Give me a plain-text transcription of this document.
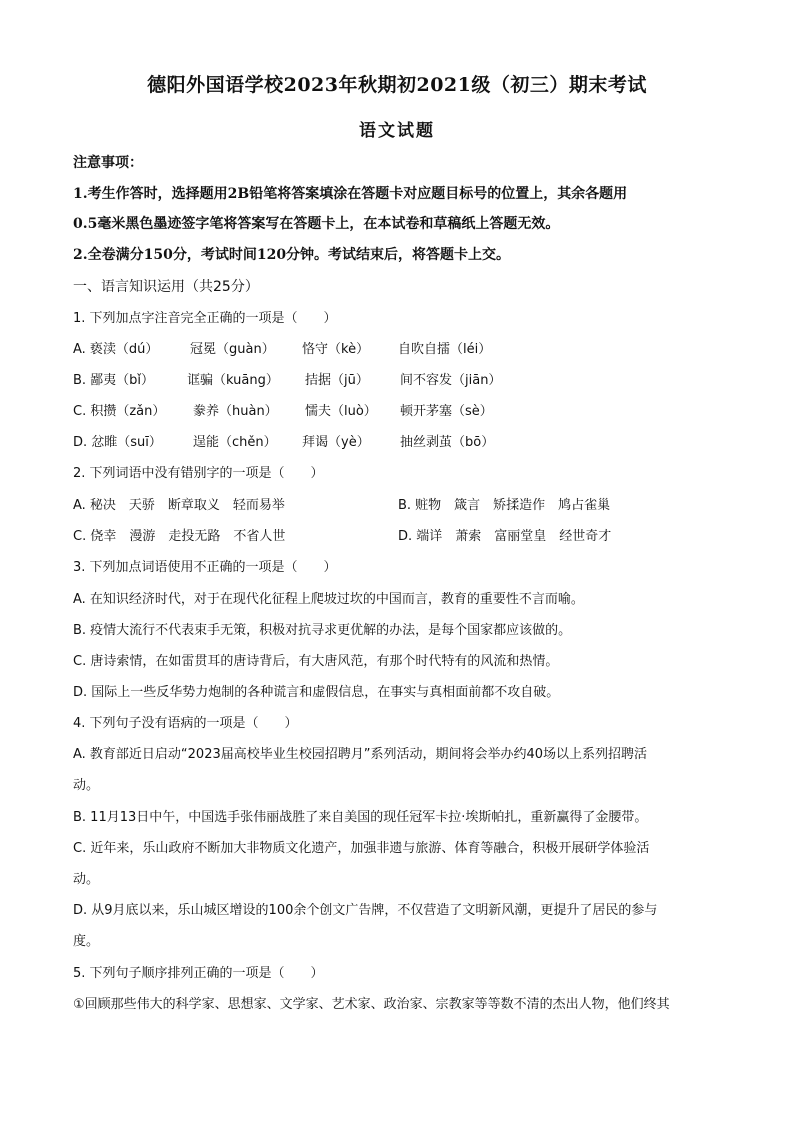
德阳外国语学校2023年秋期初2021级（初三）期末考试
语文试题
注意事项：
1.考生作答时，选择题用2B铅笔将答案填涂在答题卡对应题目标号的位置上，其余各题用
0.5毫米黑色墨迹签字笔将答案写在答题卡上，在本试卷和草稿纸上答题无效。
2.全卷满分150分，考试时间120分钟。考试结束后，将答题卡上交。
一、语言知识运用（共25分）
1. 下列加点字注音完全正确的一项是（　　）
A. 亵渎（dú） 冠冕（guàn） 恪守（kè） 自吹自擂（léi）
B. 鄙夷（bǐ）	诓骗（kuāng） 拮据（jū） 间不容发（jiān）
C. 积攒（zǎn） 豢养（huàn） 懦夫（luò） 顿开茅塞（sè）
D. 忿睢（suī） 逞能（chěn） 拜谒（yè） 抽丝剥茧（bō）
2. 下列词语中没有错别字的一项是（　　）
A. 秘决　天骄　断章取义　轻而易举	B. 赃物　箴言　矫揉造作　鸠占雀巢
C. 侥幸　漫游　走投无路　不省人世	D. 端详　萧索　富丽堂皇　经世奇才
3. 下列加点词语使用不正确的一项是（　　）
A. 在知识经济时代，对于在现代化征程上爬坡过坎的中国而言，教育的重要性不言而喻。
B. 疫情大流行不代表束手无策，积极对抗寻求更优解的办法，是每个国家都应该做的。
C. 唐诗索情，在如雷贯耳的唐诗背后，有大唐风范，有那个时代特有的风流和热情。
D. 国际上一些反华势力炮制的各种谎言和虚假信息，在事实与真相面前都不攻自破。
4. 下列句子没有语病的一项是（　　）
A. 教育部近日启动“2023届高校毕业生校园招聘月”系列活动，期间将会举办约40场以上系列招聘活
动。
B. 11月13日中午，中国选手张伟丽战胜了来自美国的现任冠军卡拉·埃斯帕扎，重新赢得了金腰带。
C. 近年来，乐山政府不断加大非物质文化遗产，加强非遗与旅游、体育等融合，积极开展研学体验活
动。
D. 从9月底以来，乐山城区增设的100余个创文广告牌，不仅营造了文明新风潮，更提升了居民的参与
度。
5. 下列句子顺序排列正确的一项是（　　）
①回顾那些伟大的科学家、思想家、文学家、艺术家、政治家、宗教家等等数不清的杰出人物，他们终其
